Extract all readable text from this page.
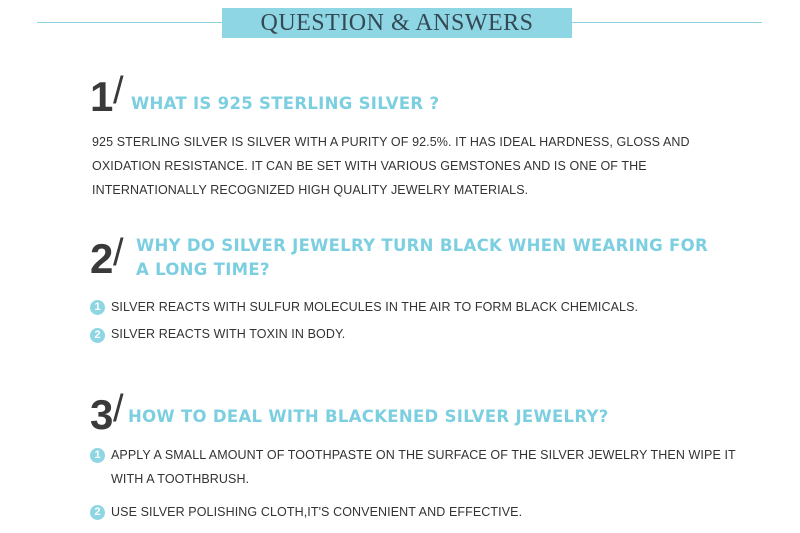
QUESTION & ANSWERS
1 / WHAT IS 925 STERLING SILVER ?
925 STERLING SILVER IS SILVER WITH A PURITY OF 92.5%. IT HAS IDEAL HARDNESS, GLOSS AND
OXIDATION RESISTANCE. IT CAN BE SET WITH VARIOUS GEMSTONES AND IS ONE OF THE
INTERNATIONALLY RECOGNIZED HIGH QUALITY JEWELRY MATERIALS.
2 / WHY DO SILVER JEWELRY TURN BLACK WHEN WEARING FOR
A LONG TIME?
1 SILVER REACTS WITH SULFUR MOLECULES IN THE AIR TO FORM BLACK CHEMICALS.
2 SILVER REACTS WITH TOXIN IN BODY.
3 / HOW TO DEAL WITH BLACKENED SILVER JEWELRY?
1 APPLY A SMALL AMOUNT OF TOOTHPASTE ON THE SURFACE OF THE SILVER JEWELRY THEN WIPE IT
WITH A TOOTHBRUSH.
2 USE SILVER POLISHING CLOTH,IT'S CONVENIENT AND EFFECTIVE.
